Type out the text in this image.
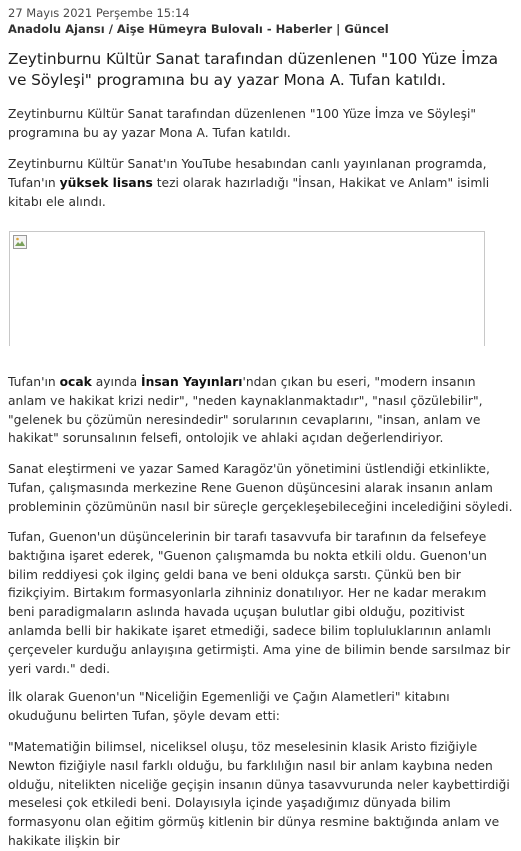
27 Mayıs 2021 Perşembe 15:14
Anadolu Ajansı / Aişe Hümeyra Bulovalı - Haberler | Güncel
Zeytinburnu Kültür Sanat tarafından düzenlenen "100 Yüze İmza ve Söyleşi" programına bu ay yazar Mona A. Tufan katıldı.

Zeytinburnu Kültür Sanat tarafından düzenlenen "100 Yüze İmza ve Söyleşi" programına bu ay yazar Mona A. Tufan katıldı.

Zeytinburnu Kültür Sanat'ın YouTube hesabından canlı yayınlanan programda, Tufan'ın yüksek lisans tezi olarak hazırladığı "İnsan, Hakikat ve Anlam" isimli kitabı ele alındı.

Tufan'ın ocak ayında İnsan Yayınları'ndan çıkan bu eseri, "modern insanın anlam ve hakikat krizi nedir", "neden kaynaklanmaktadır", "nasıl çözülebilir", "gelenek bu çözümün neresindedir" sorularının cevaplarını, "insan, anlam ve hakikat" sorunsalının felsefi, ontolojik ve ahlaki açıdan değerlendiriyor.

Sanat eleştirmeni ve yazar Samed Karagöz'ün yönetimini üstlendiği etkinlikte, Tufan, çalışmasında merkezine Rene Guenon düşüncesini alarak insanın anlam probleminin çözümünün nasıl bir süreçle gerçekleşebileceğini incelediğini söyledi.

Tufan, Guenon'un düşüncelerinin bir tarafı tasavvufa bir tarafının da felsefeye baktığına işaret ederek, "Guenon çalışmamda bu nokta etkili oldu. Guenon'un bilim reddiyesi çok ilginç geldi bana ve beni oldukça sarstı. Çünkü ben bir fizikçiyim. Birtakım formasyonlarla zihniniz donatılıyor. Her ne kadar merakım beni paradigmaların aslında havada uçuşan bulutlar gibi olduğu, pozitivist anlamda belli bir hakikate işaret etmediği, sadece bilim topluluklarının anlamlı çerçeveler kurduğu anlayışına getirmişti. Ama yine de bilimin bende sarsılmaz bir yeri vardı." dedi.

İlk olarak Guenon'un "Niceliğin Egemenliği ve Çağın Alametleri" kitabını okuduğunu belirten Tufan, şöyle devam etti:

"Matematiğin bilimsel, niceliksel oluşu, töz meselesinin klasik Aristo fiziğiyle Newton fiziğiyle nasıl farklı olduğu, bu farklılığın nasıl bir anlam kaybına neden olduğu, nitelikten niceliğe geçişin insanın dünya tasavvurunda neler kaybettirdiği meselesi çok etkiledi beni. Dolayısıyla içinde yaşadığımız dünyada bilim formasyonu olan eğitim görmüş kitlenin bir dünya resmine baktığında anlam ve hakikate ilişkin bir
